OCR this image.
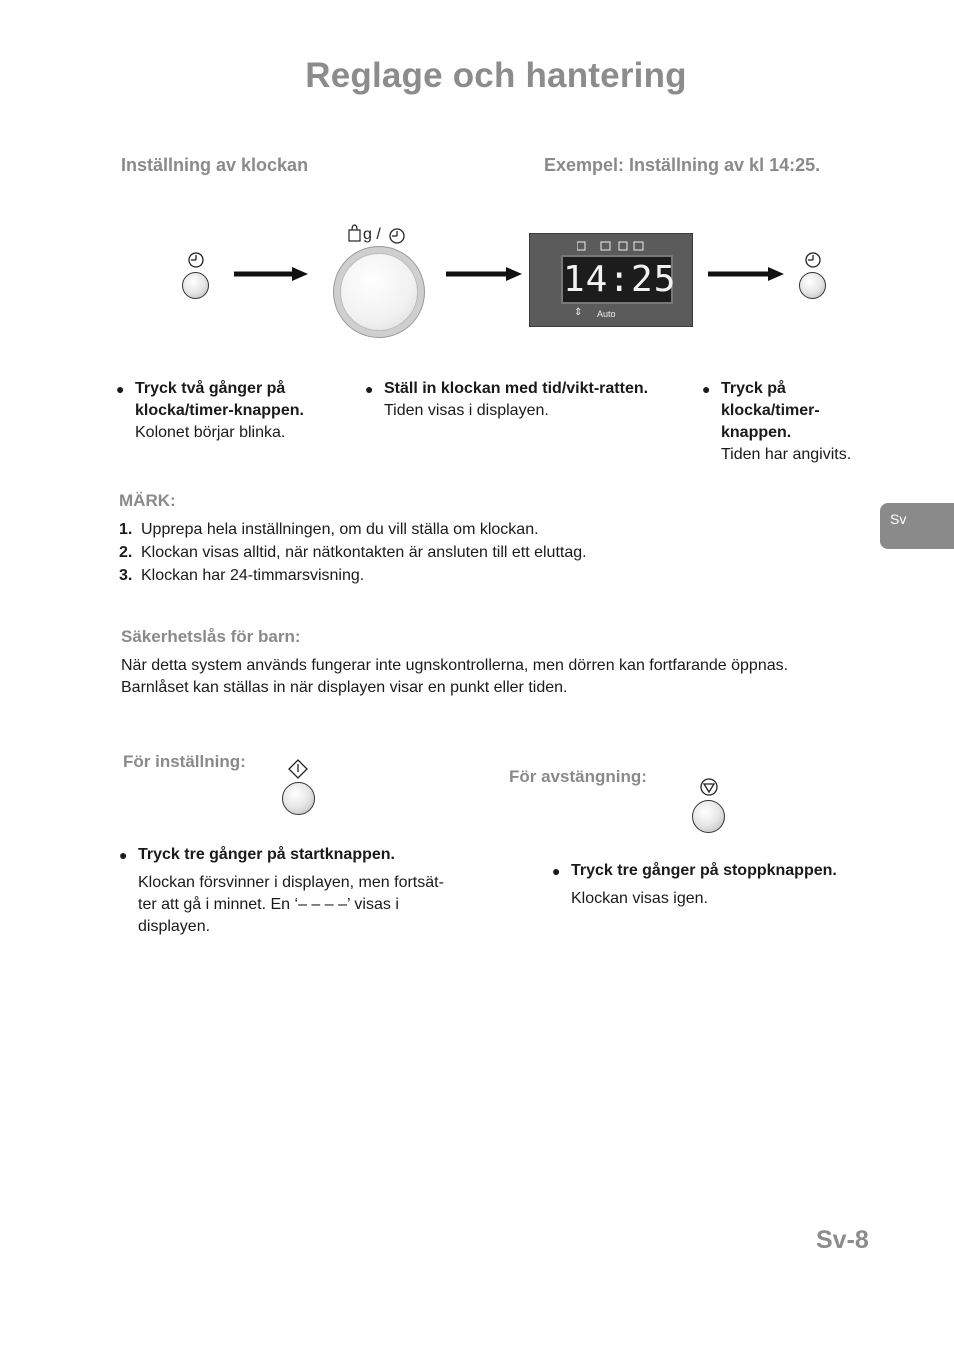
Reglage och hantering
Inställning av klockan	Exempel: Inställning av kl 14:25.
g /
14:25
⇕ Auto
● Tryck två gånger på klocka/timer-knappen.
Kolonet börjar blinka.
● Ställ in klockan med tid/vikt-ratten.
Tiden visas i displayen.
● Tryck på klocka/timer-knappen.
Tiden har angivits.
Sv
MÄRK:
1. Upprepa hela inställningen, om du vill ställa om klockan.
2. Klockan visas alltid, när nätkontakten är ansluten till ett eluttag.
3. Klockan har 24-timmarsvisning.
Säkerhetslås för barn:
När detta system används fungerar inte ugnskontrollerna, men dörren kan fortfarande öppnas.
Barnlåset kan ställas in när displayen visar en punkt eller tiden.
För inställning:
● Tryck tre gånger på startknappen.
Klockan försvinner i displayen, men fortsät-
ter att gå i minnet. En ‘– – – –’ visas i
displayen.
För avstängning:
● Tryck tre gånger på stoppknappen.
Klockan visas igen.
Sv-8
